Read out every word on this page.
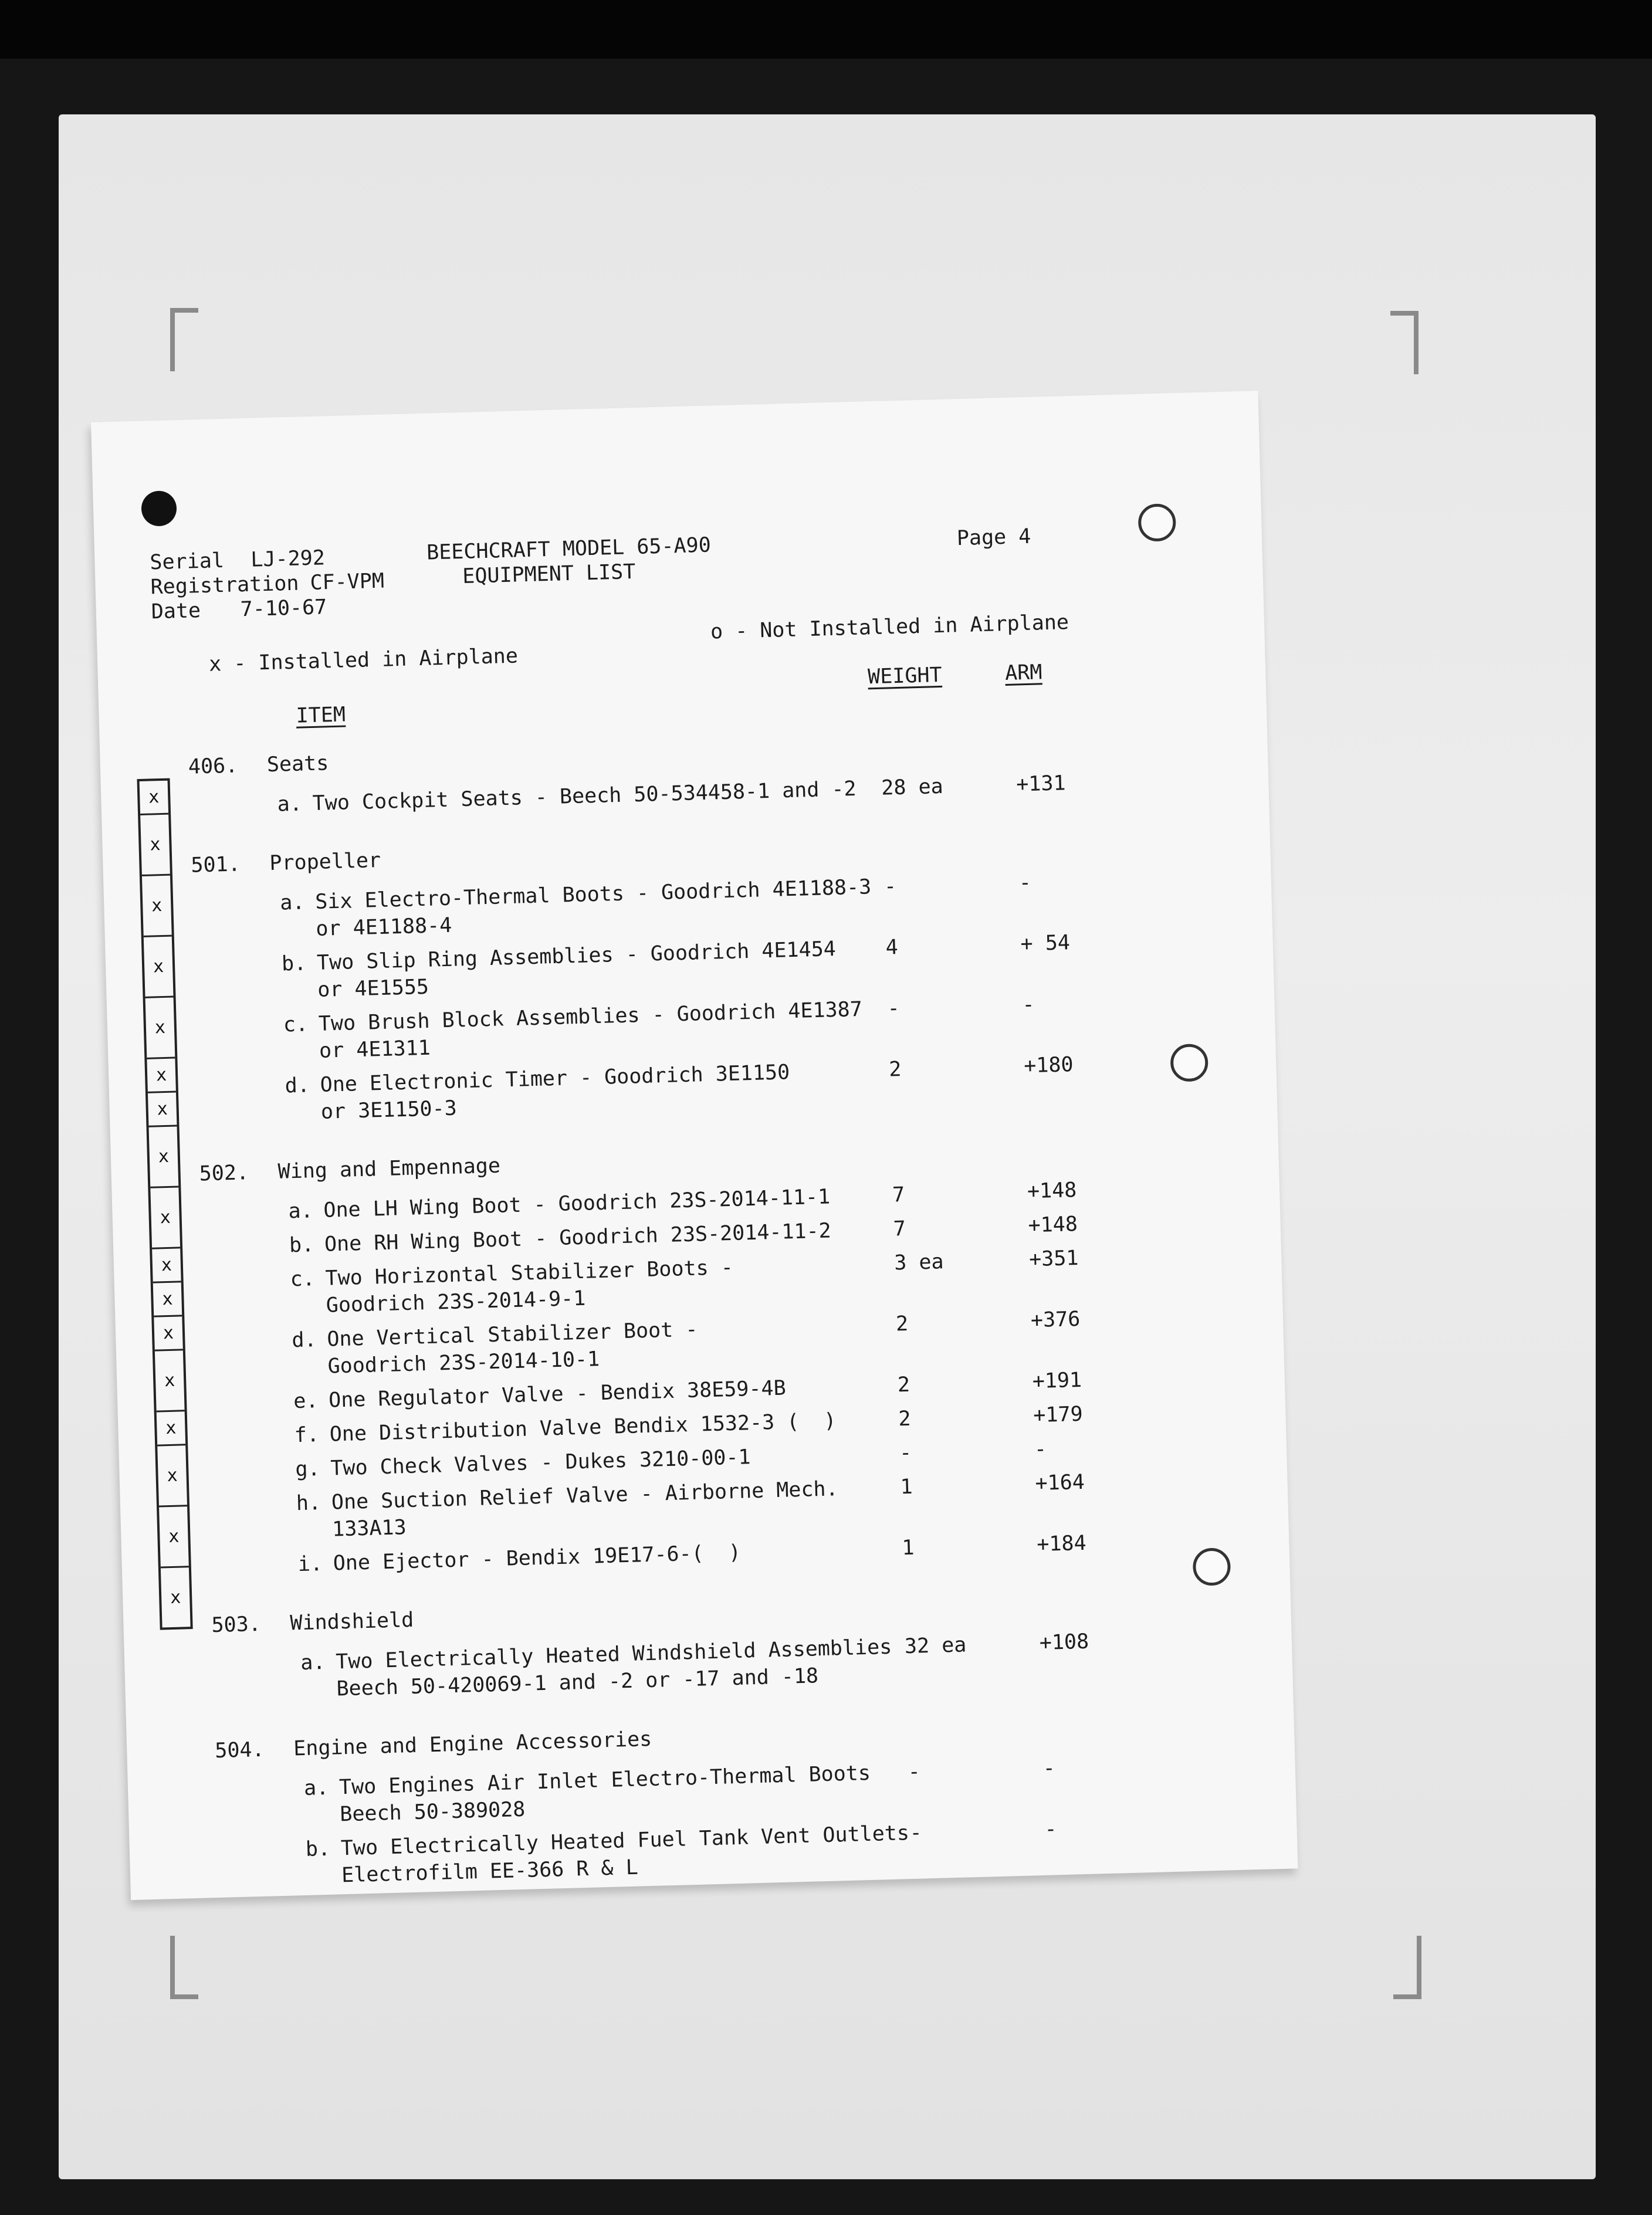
Serial LJ-292
Registration CF-VPM
Date 7-10-67
BEECHCRAFT MODEL 65-A90
EQUIPMENT LIST
Page 4
x - Installed in Airplane
o - Not Installed in Airplane
ITEM
WEIGHT	ARM
x
x
x
x
x
x
x
x
x
x
x
x
x
x
x
x
x
406. Seats
a. Two Cockpit Seats - Beech 50-534458-1 and -2 28 ea	+131
501. Propeller
a. Six Electro-Thermal Boots - Goodrich 4E1188-3
or 4E1188-4
-	-
b. Two Slip Ring Assemblies - Goodrich 4E1454
or 4E1555
4	+ 54
c. Two Brush Block Assemblies - Goodrich 4E1387
or 4E1311
-	-
d. One Electronic Timer - Goodrich 3E1150
or 3E1150-3
2	+180
502. Wing and Empennage
a. One LH Wing Boot - Goodrich 23S-2014-11-1	7	+148
b. One RH Wing Boot - Goodrich 23S-2014-11-2	7	+148
c. Two Horizontal Stabilizer Boots -
Goodrich 23S-2014-9-1
3 ea	+351
d. One Vertical Stabilizer Boot -
Goodrich 23S-2014-10-1
2	+376
e. One Regulator Valve - Bendix 38E59-4B	2	+191
f. One Distribution Valve Bendix 1532-3 (  )	2	+179
g. Two Check Valves - Dukes 3210-00-1	-	-
h. One Suction Relief Valve - Airborne Mech.
133A13
1	+164
i. One Ejector - Bendix 19E17-6-(  )	1	+184
503. Windshield
a. Two Electrically Heated Windshield Assemblies
Beech 50-420069-1 and -2 or -17 and -18
32 ea	+108
504. Engine and Engine Accessories
a. Two Engines Air Inlet Electro-Thermal Boots
Beech 50-389028
-	-
b. Two Electrically Heated Fuel Tank Vent Outlets
Electrofilm EE-366 R & L
-	-
